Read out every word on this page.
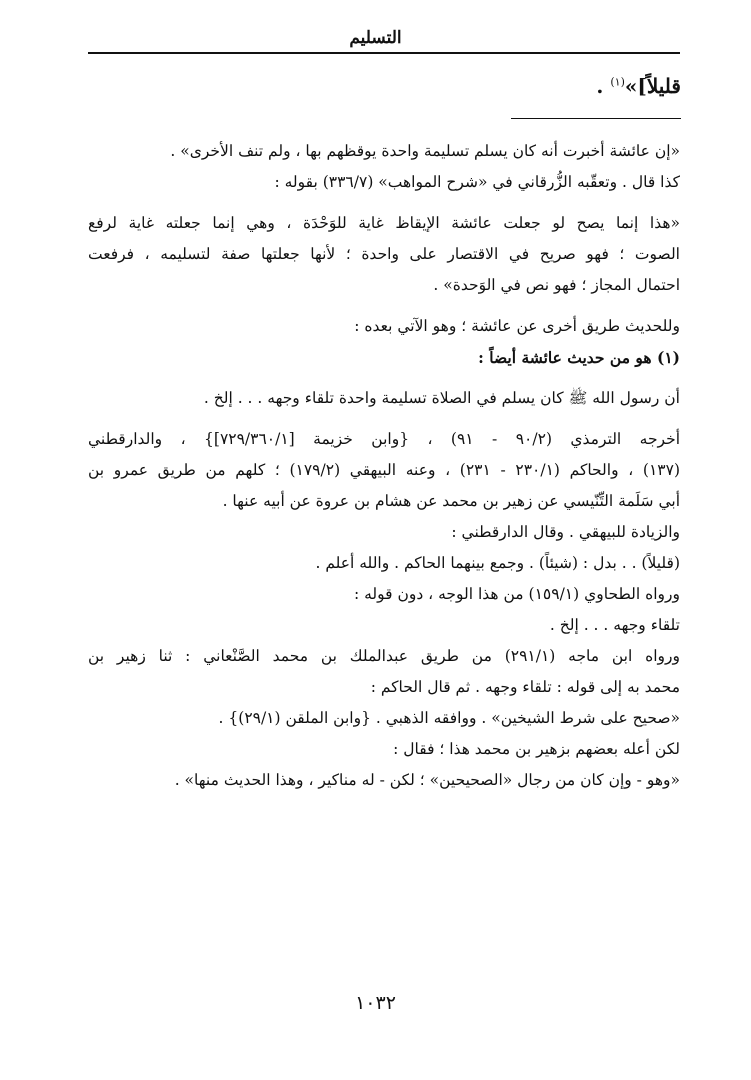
التسليم
قليلاً]»$^{(١)}$ .
«إن عائشة أخبرت أنه كان يسلم تسليمة واحدة يوقظهم بها ، ولم تنف الأخرى» .
كذا قال . وتعقّبه الزُّرقاني في «شرح المواهب» (٣٣٦/٧) بقوله :
«هذا إنما يصح لو جعلت عائشة الإيقاظ غاية للوَحْدَة ، وهي إنما جعلته غاية لرفع
الصوت ؛ فهو صريح في الاقتصار على واحدة ؛ لأنها جعلتها صفة لتسليمه ، فرفعت
احتمال المجاز ؛ فهو نص في الوَحدة» .
وللحديث طريق أخرى عن عائشة ؛ وهو الآتي بعده :
(١) هو من حديث عائشة أيضاً :
أن رسول الله ﷺ كان يسلم في الصلاة تسليمة واحدة تلقاء وجهه . . . إلخ .
أخرجه الترمذي (٩٠/٢ - ٩١) ، {وابن خزيمة [٧٢٩/٣٦٠/١]} ، والدارقطني
(١٣٧) ، والحاكم (٢٣٠/١ - ٢٣١) ، وعنه البيهقي (١٧٩/٢) ؛ كلهم من طريق عمرو بن
أبي سَلَمة التِّنّيسي عن زهير بن محمد عن هشام بن عروة عن أبيه عنها .
والزيادة للبيهقي . وقال الدارقطني :
(قليلاً) . . بدل : (شيئاً) . وجمع بينهما الحاكم . والله أعلم .
ورواه الطحاوي (١٥٩/١) من هذا الوجه ، دون قوله :
تلقاء وجهه . . . إلخ .
ورواه ابن ماجه (٢٩١/١) من طريق عبدالملك بن محمد الصَّنْعاني : ثنا زهير بن
محمد به إلى قوله : تلقاء وجهه . ثم قال الحاكم :
«صحيح على شرط الشيخين» . ووافقه الذهبي . {وابن الملقن (٢٩/١)} .
لكن أعله بعضهم بزهير بن محمد هذا ؛ فقال :
«وهو - وإن كان من رجال «الصحيحين» ؛ لكن - له مناكير ، وهذا الحديث منها» .
١٠٣٢
